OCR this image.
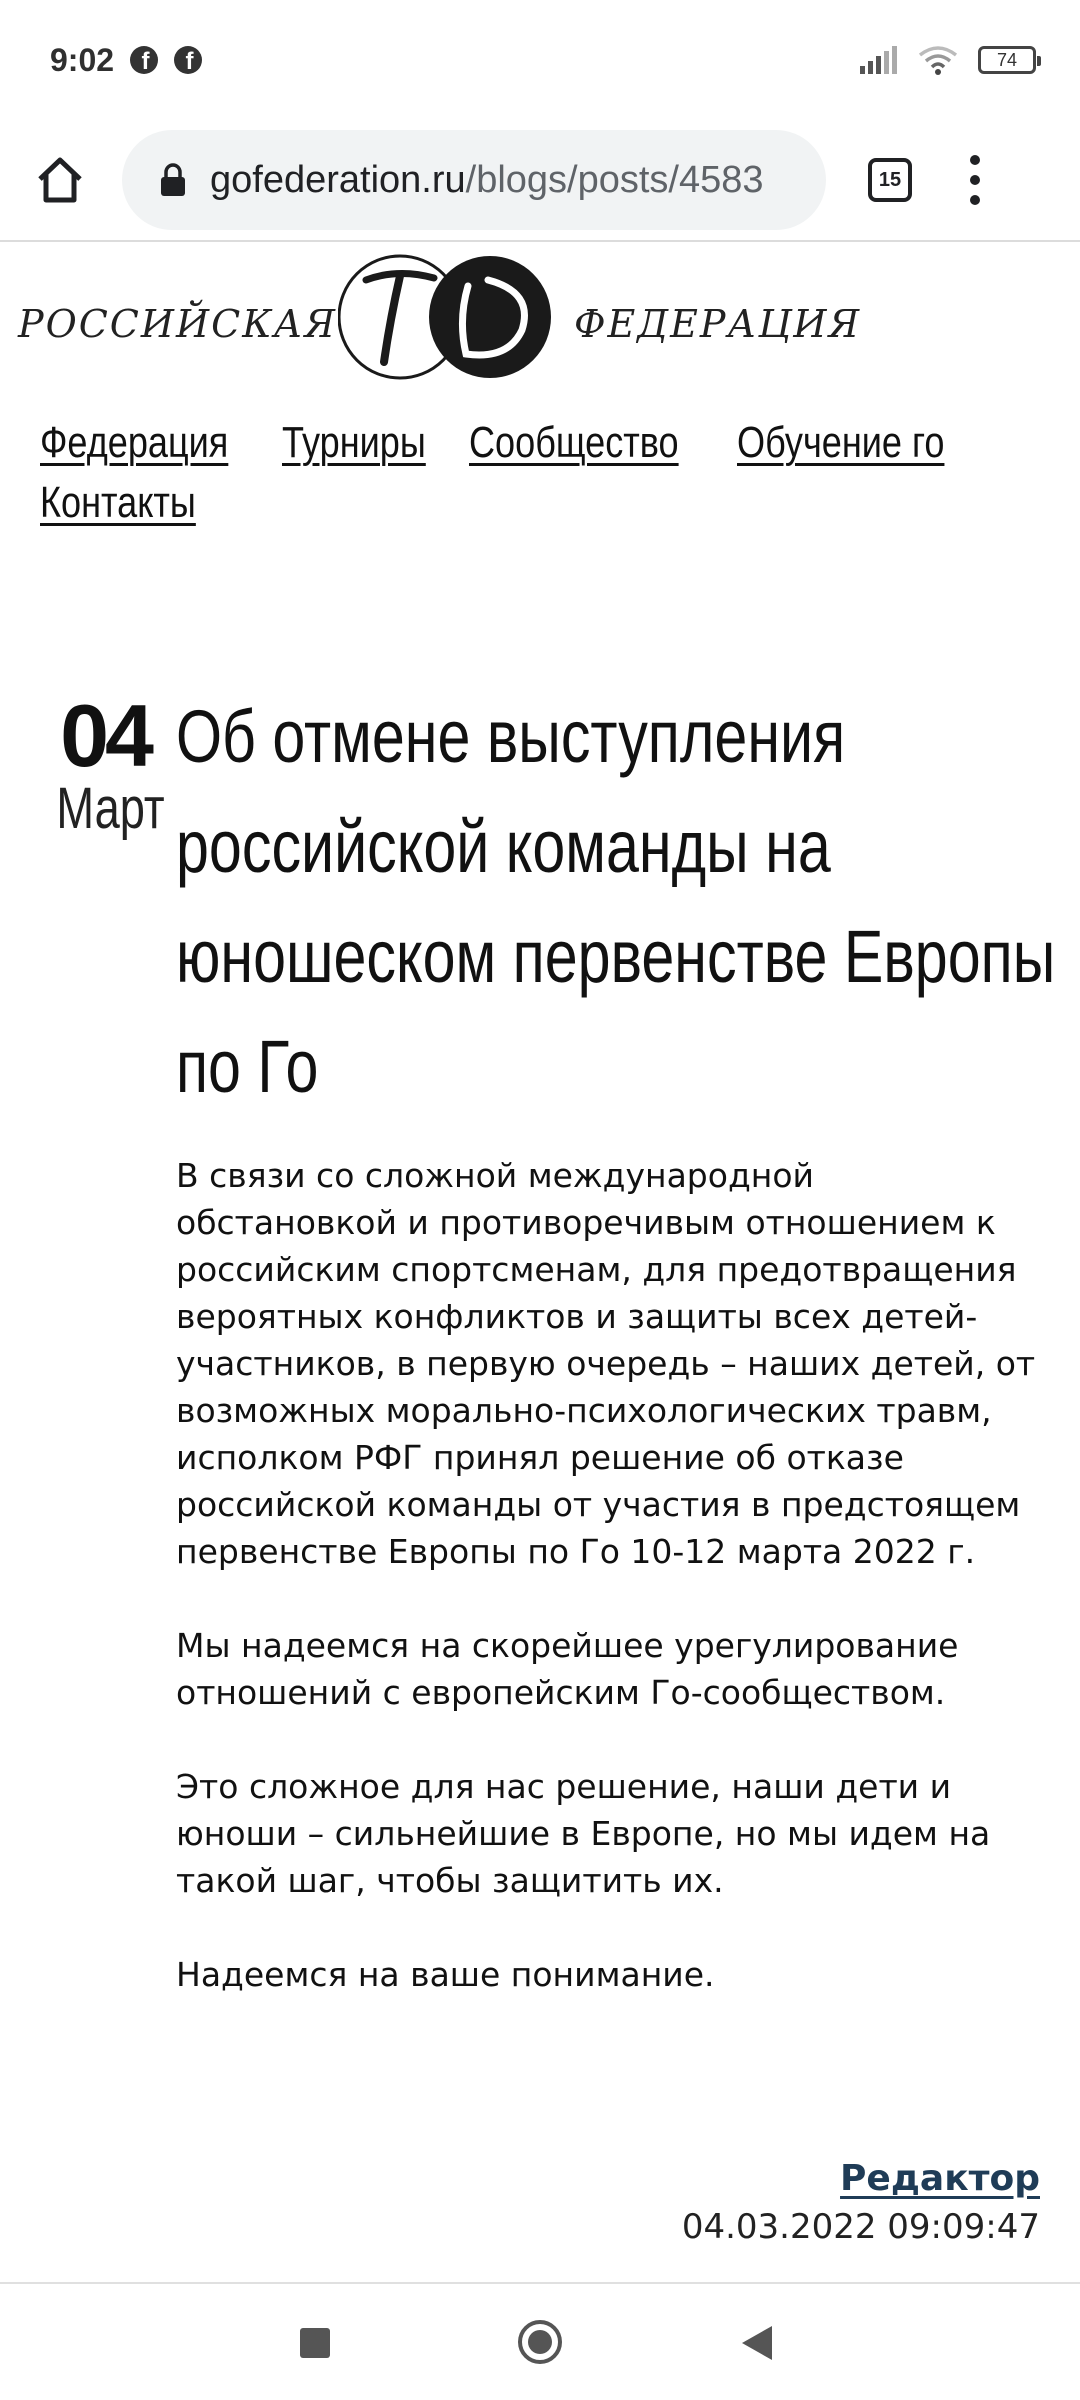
9:02	f	f	74
gofederation.ru/blogs/posts/4583	15
РОССИЙСКАЯ	ФЕДЕРАЦИЯ
Федерация Турниры Сообщество Обучение го
Контакты
04
Март
Об отмене выступления российской команды на юношеском первенстве Европы по Го

В связи со сложной международной обстановкой и противоречивым отношением к российским спортсменам, для предотвращения вероятных конфликтов и защиты всех детей-участников, в первую очередь – наших детей, от возможных морально-психологических травм, исполком РФГ принял решение об отказе российской команды от участия в предстоящем первенстве Европы по Го 10-12 марта 2022 г.

Мы надеемся на скорейшее урегулирование отношений с европейским Го-сообществом.

Это сложное для нас решение, наши дети и юноши – сильнейшие в Европе, но мы идем на такой шаг, чтобы защитить их.

Надеемся на ваше понимание.

Редактор
04.03.2022 09:09:47
